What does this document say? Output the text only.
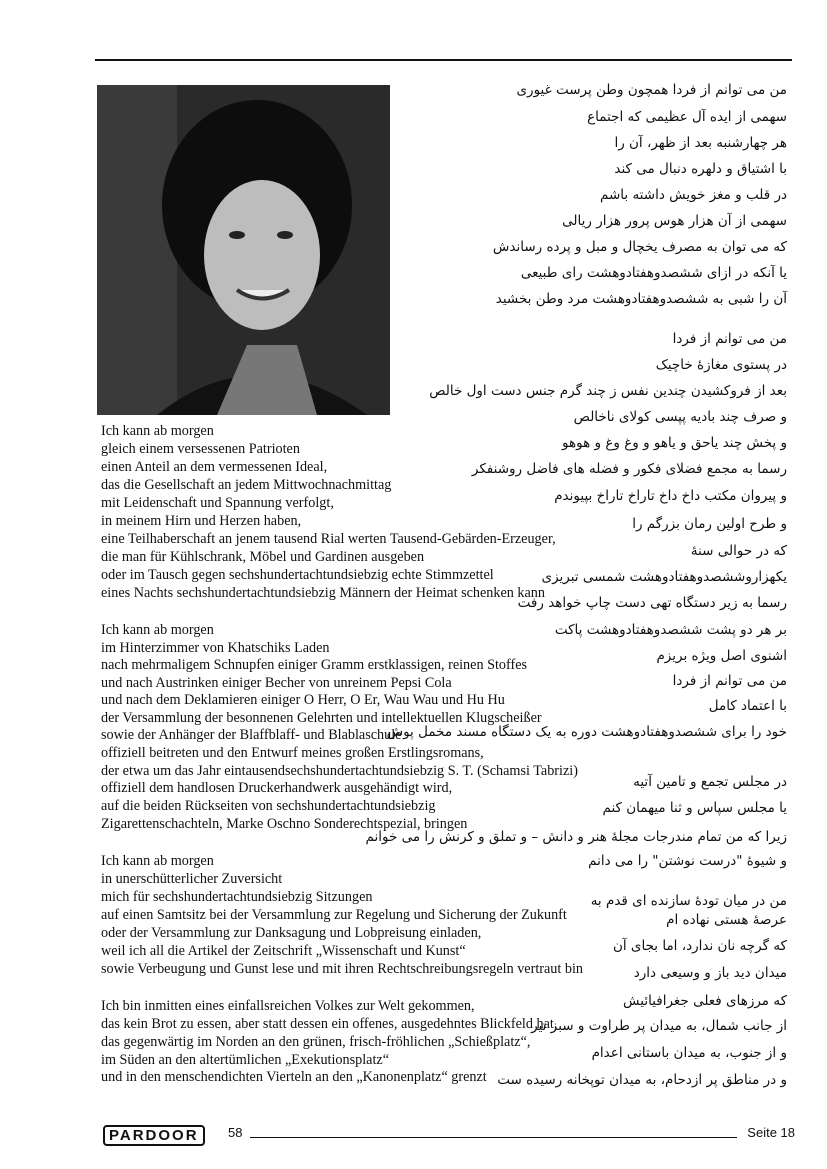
من می توانم از فردا همچون وطن پرست غیوری
سهمی از ایده آل عظیمی که اجتماع
هر چهارشنبه بعد از ظهر، آن را
با اشتیاق و دلهره دنبال می کند
در قلب و مغز خویش داشته باشم
سهمی از آن هزار هوس پرور هزار ریالی
که می توان به مصرف یخچال و مبل و پرده رساندش
یا آنکه در ازای ششصدوهفتادوهشت رای طبیعی
آن را شبی به ششصدوهفتادوهشت مرد وطن بخشید
من می توانم از فردا
در پستوی مغازهٔ خاچیک
بعد از فروکشیدن چندین نفس ز چند گرم جنس دست اول خالص
و صرف چند بادیه پپسی کولای ناخالص
و پخش چند یاحق و یاهو و وغ وغ و هوهو
رسما به مجمع فضلای فکور و فضله های فاضل روشنفکر
و پیروان مکتب داخ داخ تاراخ تاراخ بپیوندم
و طرح اولین رمان بزرگم را
که در حوالی سنهٔ
یکهزاروششصدوهفتادوهشت شمسی تبریزی
رسما به زیر دستگاه تهی دست چاپ خواهد رفت
بر هر دو پشت ششصدوهفتادوهشت پاکت
اشنوی اصل ویژه بریزم
من می توانم از فردا
با اعتماد کامل
خود را برای ششصدوهفتادوهشت دوره به یک دستگاه مسند مخمل پوش
در مجلس تجمع و تامین آتیه
یا مجلس سپاس و ثنا میهمان کنم
زیرا که من تمام مندرجات مجلهٔ هنر و دانش – و تملق و کرنش را می خوانم
و شیوهٔ "درست نوشتن" را می دانم
من در میان تودهٔ سازنده ای قدم به
عرصهٔ هستی نهاده ام
که گرچه نان ندارد، اما بجای آن
میدان دید باز و وسیعی دارد
که مرزهای فعلی جغرافیائیش
از جانب شمال، به میدان پر طراوت و سبز تیر
و از جنوب، به میدان باستانی اعدام
و در مناطق پر ازدحام، به میدان توپخانه رسیده ست
Ich kann ab morgen
gleich einem versessenen Patrioten
einen Anteil an dem vermessenen Ideal,
das die Gesellschaft an jedem Mittwochnachmittag
mit Leidenschaft und Spannung verfolgt,
in meinem Hirn und Herzen haben,
eine Teilhaberschaft an jenem tausend Rial werten Tausend-Gebärden-Erzeuger,
die man für Kühlschrank, Möbel und Gardinen ausgeben
oder im Tausch gegen sechshundertachtundsiebzig echte Stimmzettel
eines Nachts sechshundertachtundsiebzig Männern der Heimat schenken kann
Ich kann ab morgen
im Hinterzimmer von Khatschiks Laden
nach mehrmaligem Schnupfen einiger Gramm erstklassigen, reinen Stoffes
und nach Austrinken einiger Becher von unreinem Pepsi Cola
und nach dem Deklamieren einiger O Herr, O Er, Wau Wau und Hu Hu
der Versammlung der besonnenen Gelehrten und intellektuellen Klugscheißer
sowie der Anhänger der Blaffblaff- und Blablaschule
offiziell beitreten und den Entwurf meines großen Erstlingsromans,
der etwa um das Jahr eintausendsechshundertachtundsiebzig S. T. (Schamsi Tabrizi)
offiziell dem handlosen Druckerhandwerk ausgehändigt wird,
auf die beiden Rückseiten von sechshundertachtundsiebzig
Zigarettenschachteln, Marke Oschno Sonderechtspezial, bringen
Ich kann ab morgen
in unerschütterlicher Zuversicht
mich für sechshundertachtundsiebzig Sitzungen
auf einen Samtsitz bei der Versammlung zur Regelung und Sicherung der Zukunft
oder der Versammlung zur Danksagung und Lobpreisung einladen,
weil ich all die Artikel der Zeitschrift „Wissenschaft und Kunst“
sowie Verbeugung und Gunst lese und mit ihren Rechtschreibungsregeln vertraut bin
Ich bin inmitten eines einfallsreichen Volkes zur Welt gekommen,
das kein Brot zu essen, aber statt dessen ein offenes, ausgedehntes Blickfeld hat,
das gegenwärtig im Norden an den grünen, frisch-fröhlichen „Schießplatz“,
im Süden an den altertümlichen „Exekutionsplatz“
und in den menschendichten Vierteln an den „Kanonenplatz“ grenzt
PARDOOR	58	Seite 18
